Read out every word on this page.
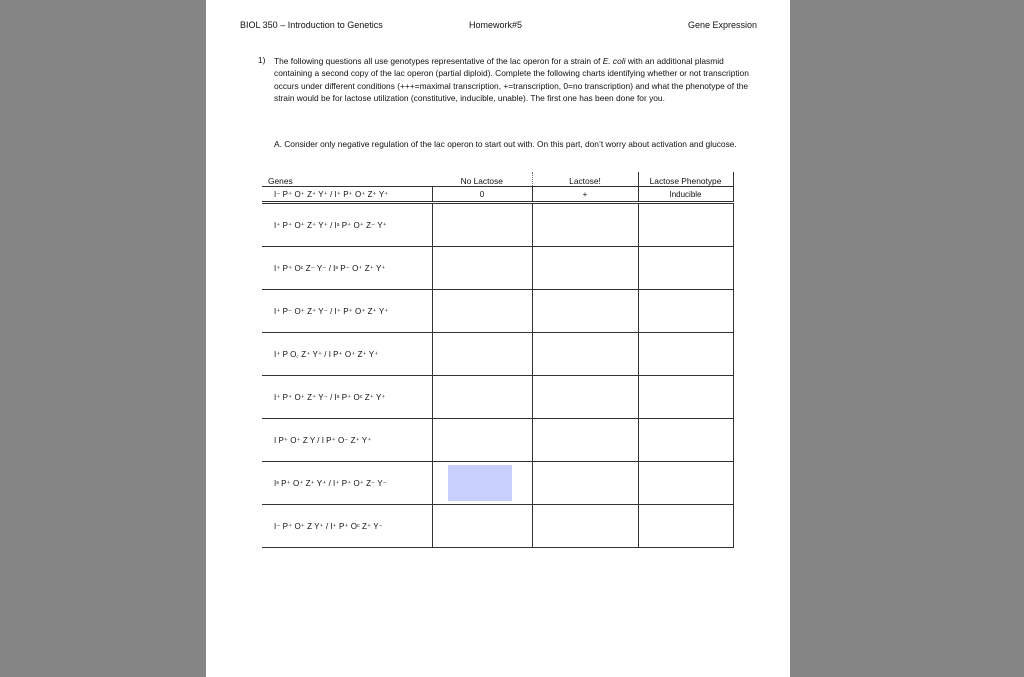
BIOL 350 – Introduction to Genetics	Homework#5	Gene Expression
1) The following questions all use genotypes representative of the lac operon for a strain of E. coli with an additional plasmid containing a second copy of the lac operon (partial diploid). Complete the following charts identifying whether or not transcription occurs under different conditions (+++=maximal transcription, +=transcription, 0=no transcription) and what the phenotype of the strain would be for lactose utilization (constitutive, inducible, unable). The first one has been done for you.
A. Consider only negative regulation of the lac operon to start out with. On this part, don’t worry about activation and glucose.
Genes	No Lactose	Lactose!	Lactose Phenotype
I⁻ P⁺ O⁺ Z⁺ Y⁺ / I⁺ P⁺ O⁺ Z⁺ Y⁺	0	+	Inducible
I⁺ P⁺ O⁺ Z⁺ Y⁺ / Iˢ P⁺ O⁺ Z⁻ Y⁺			
I⁺ P⁺ Oᶜ Z⁻ Y⁻ / Iˢ P⁻ O⁺ Z⁺ Y⁺			
I⁺ P⁻ O⁺ Z⁺ Y⁻ / I⁺ P⁺ O⁺ Z⁺ Y⁺			
I⁺ P O꜀ Z⁺ Y⁺ / I P⁺ O⁺ Z⁺ Y⁺			
I⁺ P⁺ O⁺ Z⁺ Y⁻ / Iˢ P⁺ Oᶜ Z⁺ Y⁺			
I P⁺ O⁺ Z Y / I P⁺ O⁻ Z⁺ Y⁺			
Iˢ P⁺ O⁺ Z⁺ Y⁺ / I⁺ P⁺ O⁺ Z⁻ Y⁻	

I⁻ P⁺ O⁺ Z Y⁺ / I⁺ P⁺ Oᶜ Z⁺ Y⁻			
